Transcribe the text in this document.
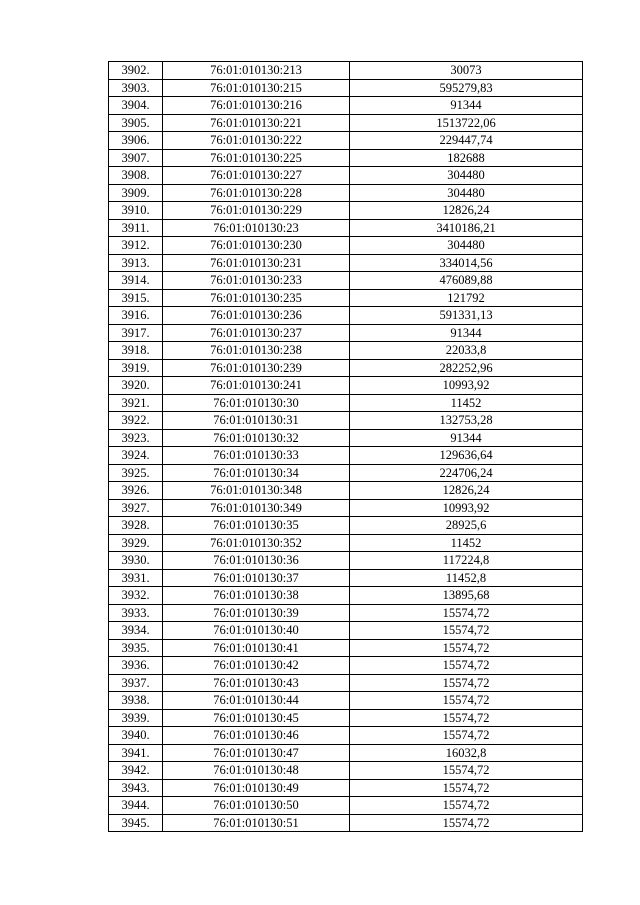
3902.	76:01:010130:213	30073
3903.	76:01:010130:215	595279,83
3904.	76:01:010130:216	91344
3905.	76:01:010130:221	1513722,06
3906.	76:01:010130:222	229447,74
3907.	76:01:010130:225	182688
3908.	76:01:010130:227	304480
3909.	76:01:010130:228	304480
3910.	76:01:010130:229	12826,24
3911.	76:01:010130:23	3410186,21
3912.	76:01:010130:230	304480
3913.	76:01:010130:231	334014,56
3914.	76:01:010130:233	476089,88
3915.	76:01:010130:235	121792
3916.	76:01:010130:236	591331,13
3917.	76:01:010130:237	91344
3918.	76:01:010130:238	22033,8
3919.	76:01:010130:239	282252,96
3920.	76:01:010130:241	10993,92
3921.	76:01:010130:30	11452
3922.	76:01:010130:31	132753,28
3923.	76:01:010130:32	91344
3924.	76:01:010130:33	129636,64
3925.	76:01:010130:34	224706,24
3926.	76:01:010130:348	12826,24
3927.	76:01:010130:349	10993,92
3928.	76:01:010130:35	28925,6
3929.	76:01:010130:352	11452
3930.	76:01:010130:36	117224,8
3931.	76:01:010130:37	11452,8
3932.	76:01:010130:38	13895,68
3933.	76:01:010130:39	15574,72
3934.	76:01:010130:40	15574,72
3935.	76:01:010130:41	15574,72
3936.	76:01:010130:42	15574,72
3937.	76:01:010130:43	15574,72
3938.	76:01:010130:44	15574,72
3939.	76:01:010130:45	15574,72
3940.	76:01:010130:46	15574,72
3941.	76:01:010130:47	16032,8
3942.	76:01:010130:48	15574,72
3943.	76:01:010130:49	15574,72
3944.	76:01:010130:50	15574,72
3945.	76:01:010130:51	15574,72
